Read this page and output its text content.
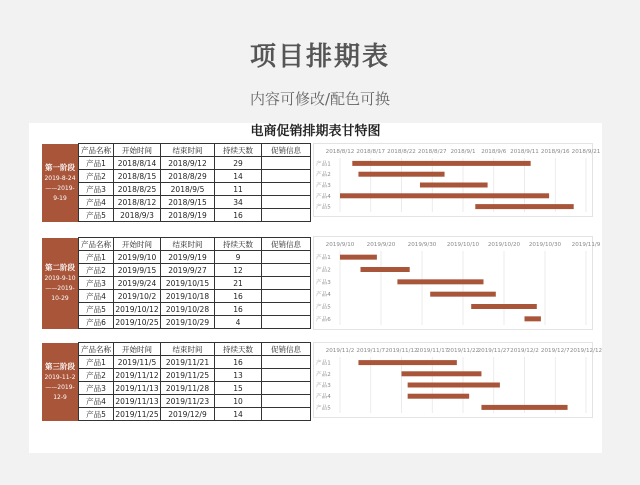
项目排期表
内容可修改/配色可换
电商促销排期表甘特图
第一阶段
2019-8-24
——2019-
9-19
产品名称	开始时间	结束时间	持续天数	促销信息
产品1	2018/8/14	2018/9/12	29	
产品2	2018/8/15	2018/8/29	14	
产品3	2018/8/25	2018/9/5	11	
产品4	2018/8/12	2018/9/15	34	
产品5	2018/9/3	2018/9/19	16	
2018/8/12 2018/8/17 2018/8/22 2018/8/27 2018/9/1 2018/9/6 2018/9/11 2018/9/16 2018/9/21
产品1
产品2
产品3
产品4
产品5
第二阶段
2019-9-10
——2019-
10-29
产品名称	开始时间	结束时间	持续天数	促销信息
产品1	2019/9/10	2019/9/19	9	
产品2	2019/9/15	2019/9/27	12	
产品3	2019/9/24	2019/10/15	21	
产品4	2019/10/2	2019/10/18	16	
产品5	2019/10/12	2019/10/28	16	
产品6	2019/10/25	2019/10/29	4	
2019/9/10 2019/9/20 2019/9/30 2019/10/10 2019/10/20 2019/10/30 2019/11/9
产品1
产品2
产品3
产品4
产品5
产品6
第三阶段
2019-11-2
——2019-
12-9
产品名称	开始时间	结束时间	持续天数	促销信息
产品1	2019/11/5	2019/11/21	16	
产品2	2019/11/12	2019/11/25	13	
产品3	2019/11/13	2019/11/28	15	
产品4	2019/11/13	2019/11/23	10	
产品5	2019/11/25	2019/12/9	14	
2019/11/2 2019/11/7 2019/11/12
2019/11/17
2019/11/22
2019/11/27 2019/12/2 2019/12/7 2019/12/12
产品1
产品2
产品3
产品4
产品5
